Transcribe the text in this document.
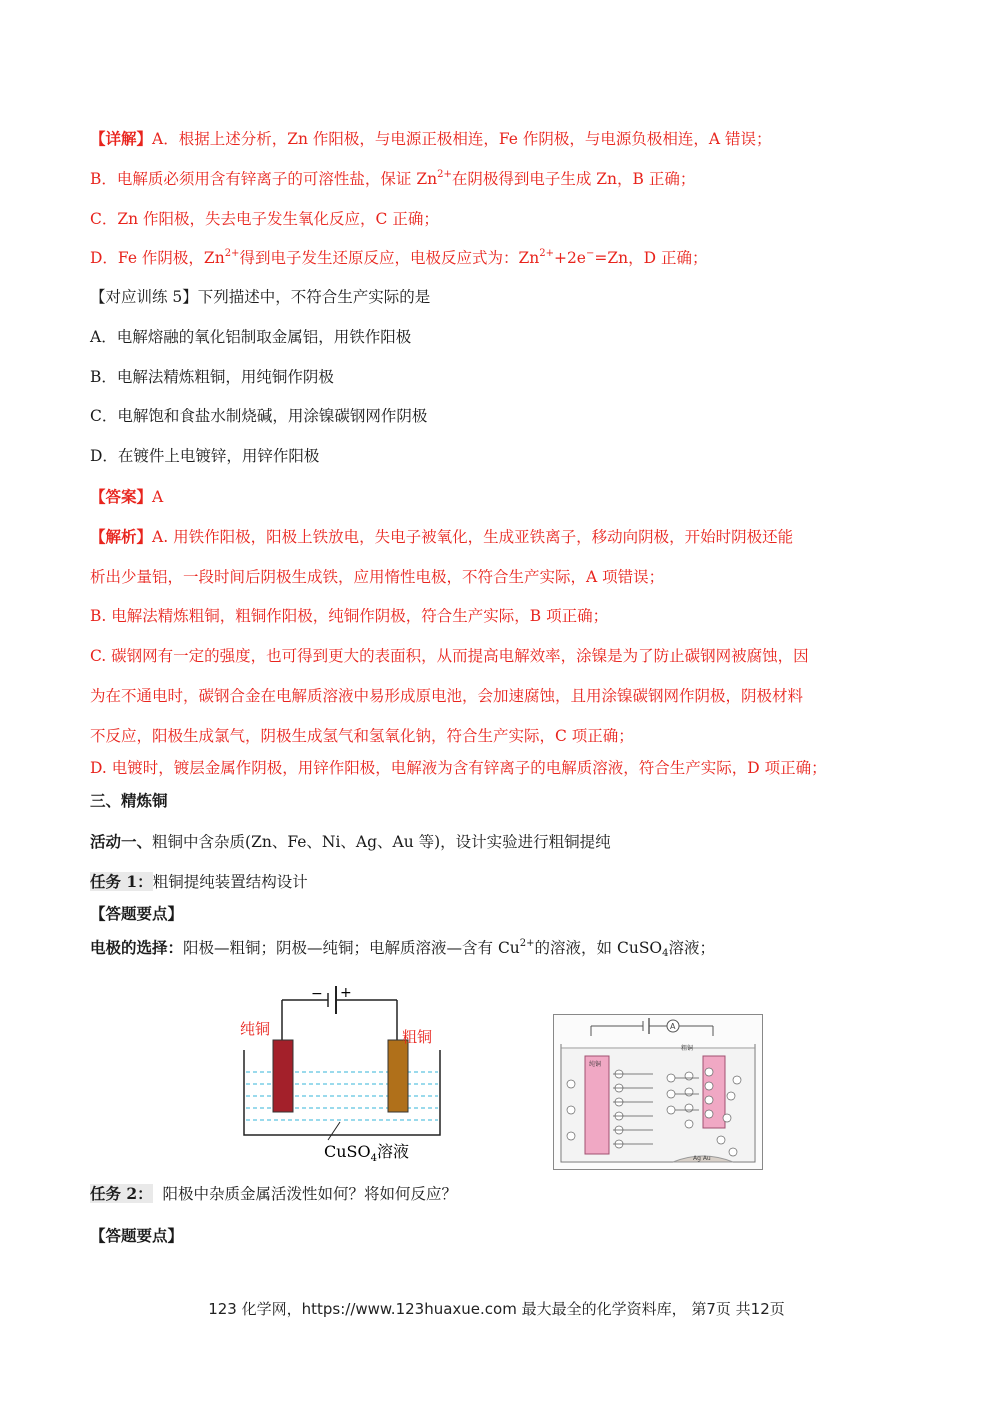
【详解】A．根据上述分析，Zn 作阳极，与电源正极相连，Fe 作阴极，与电源负极相连，A 错误；
B．电解质必须用含有锌离子的可溶性盐，保证 $Zn^{2+}$在阴极得到电子生成 Zn，B 正确；
C．Zn 作阳极，失去电子发生氧化反应，C 正确；
D．Fe 作阴极，$Zn^{2+}$得到电子发生还原反应，电极反应式为：$Zn^{2+}+2e^-=Zn$，D 正确；
【对应训练 5】下列描述中，不符合生产实际的是
A．电解熔融的氧化铝制取金属铝，用铁作阳极
B．电解法精炼粗铜，用纯铜作阴极
C．电解饱和食盐水制烧碱，用涂镍碳钢网作阴极
D．在镀件上电镀锌，用锌作阳极
【答案】A
【解析】A. 用铁作阳极，阳极上铁放电，失电子被氧化，生成亚铁离子，移动向阴极，开始时阴极还能
析出少量铝，一段时间后阴极生成铁，应用惰性电极，不符合生产实际，A 项错误；
B. 电解法精炼粗铜，粗铜作阳极，纯铜作阴极，符合生产实际，B 项正确；
C. 碳钢网有一定的强度，也可得到更大的表面积，从而提高电解效率，涂镍是为了防止碳钢网被腐蚀，因
为在不通电时，碳钢合金在电解质溶液中易形成原电池，会加速腐蚀，且用涂镍碳钢网作阴极，阴极材料
不反应，阳极生成氯气，阴极生成氢气和氢氧化钠，符合生产实际，C 项正确；
D. 电镀时，镀层金属作阴极，用锌作阳极，电解液为含有锌离子的电解质溶液，符合生产实际，D 项正确；
三、精炼铜
活动一、粗铜中含杂质(Zn、Fe、Ni、Ag、Au 等)，设计实验进行粗铜提纯
任务 1：粗铜提纯装置结构设计
【答题要点】
电极的选择：阳极—粗铜；阴极—纯铜；电解质溶液—含有 $Cu^{2+}$的溶液，如 CuSO$_4$溶液；
− +
纯铜	粗铜
CuSO$_4$溶液
A
纯铜
粗铜
Ag Au
任务 2： 阳极中杂质金属活泼性如何？将如何反应？
【答题要点】
123 化学网，https://www.123huaxue.com 最大最全的化学资料库， 第7页 共12页
